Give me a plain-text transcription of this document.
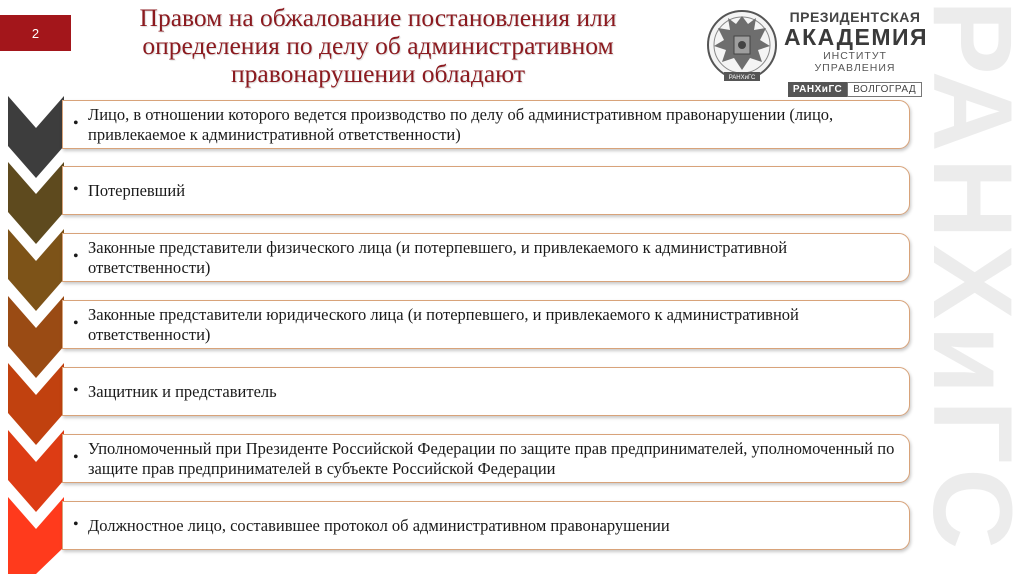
2
Правом на обжалование постановления или определения по делу об административном правонарушении обладают	РАНХиГС
РАНХиГС
ПРЕЗИДЕНТСКАЯ
АКАДЕМИЯ
ИНСТИТУТ УПРАВЛЕНИЯ
РАНХиГС	ВОЛГОГРАД
• Лицо, в отношении которого ведется производство по делу об административном правонарушении (лицо, привлекаемое к административной ответственности)
• Потерпевший
• Законные представители физического лица (и потерпевшего, и привлекаемого к административной ответственности)
• Законные представители юридического лица (и потерпевшего, и привлекаемого к административной ответственности)
• Защитник и представитель
• Уполномоченный при Президенте Российской Федерации по защите прав предпринимателей, уполномоченный по защите прав предпринимателей в субъекте Российской Федерации
• Должностное лицо, составившее протокол об административном правонарушении
